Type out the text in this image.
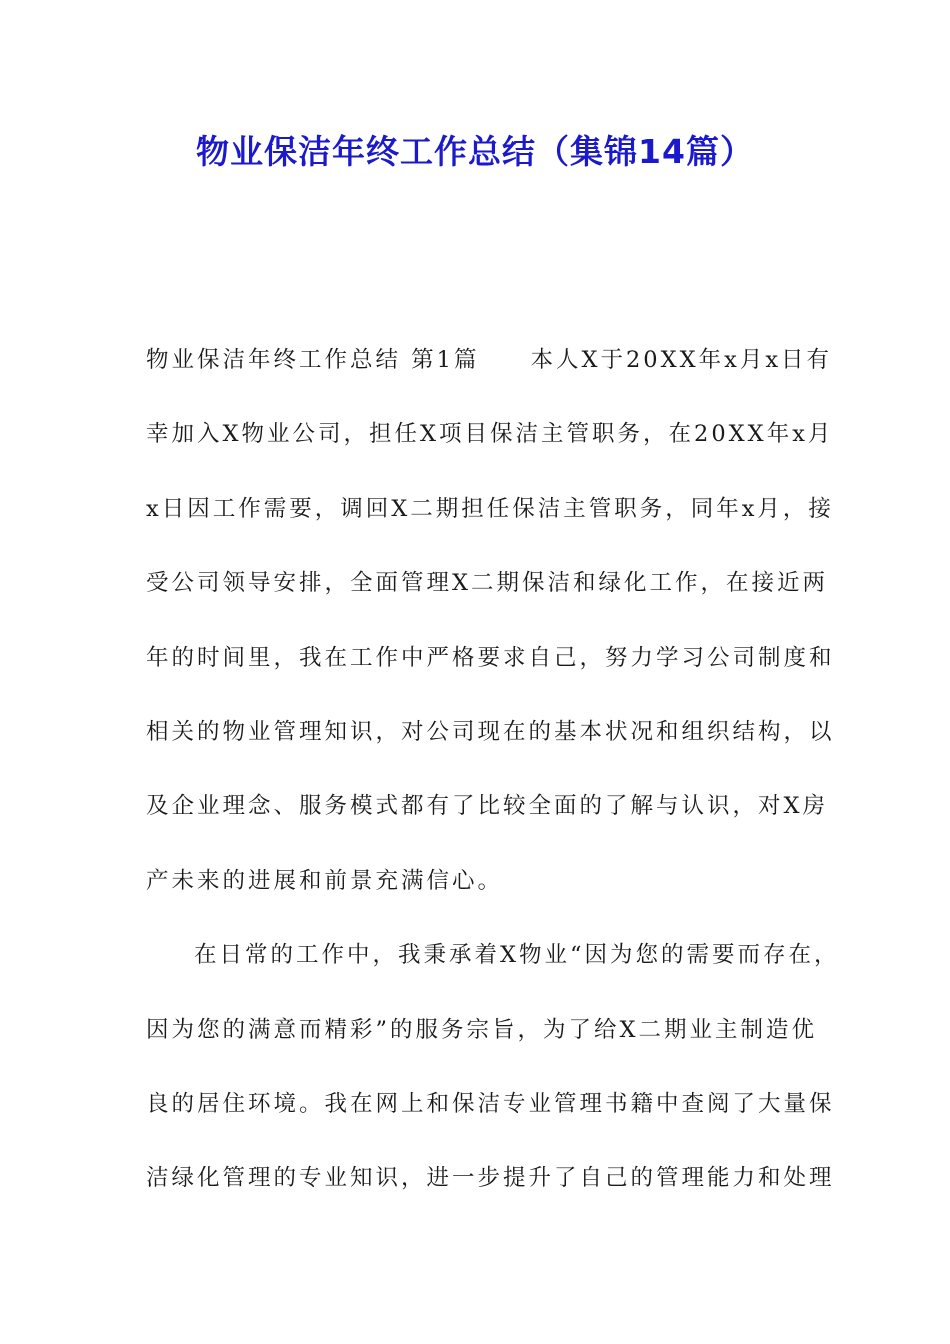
物业保洁年终工作总结（集锦14篇）
物业保洁年终工作总结 第1篇　　本人X于20XX年x月x日有
幸加入X物业公司，担任X项目保洁主管职务，在20XX年x月
x日因工作需要，调回X二期担任保洁主管职务，同年x月，接
受公司领导安排，全面管理X二期保洁和绿化工作，在接近两
年的时间里，我在工作中严格要求自己，努力学习公司制度和
相关的物业管理知识，对公司现在的基本状况和组织结构，以
及企业理念、服务模式都有了比较全面的了解与认识，对X房
产未来的进展和前景充满信心。
在日常的工作中，我秉承着X物业“因为您的需要而存在，
因为您的满意而精彩”的服务宗旨，为了给X二期业主制造优
良的居住环境。我在网上和保洁专业管理书籍中查阅了大量保
洁绿化管理的专业知识，进一步提升了自己的管理能力和处理
